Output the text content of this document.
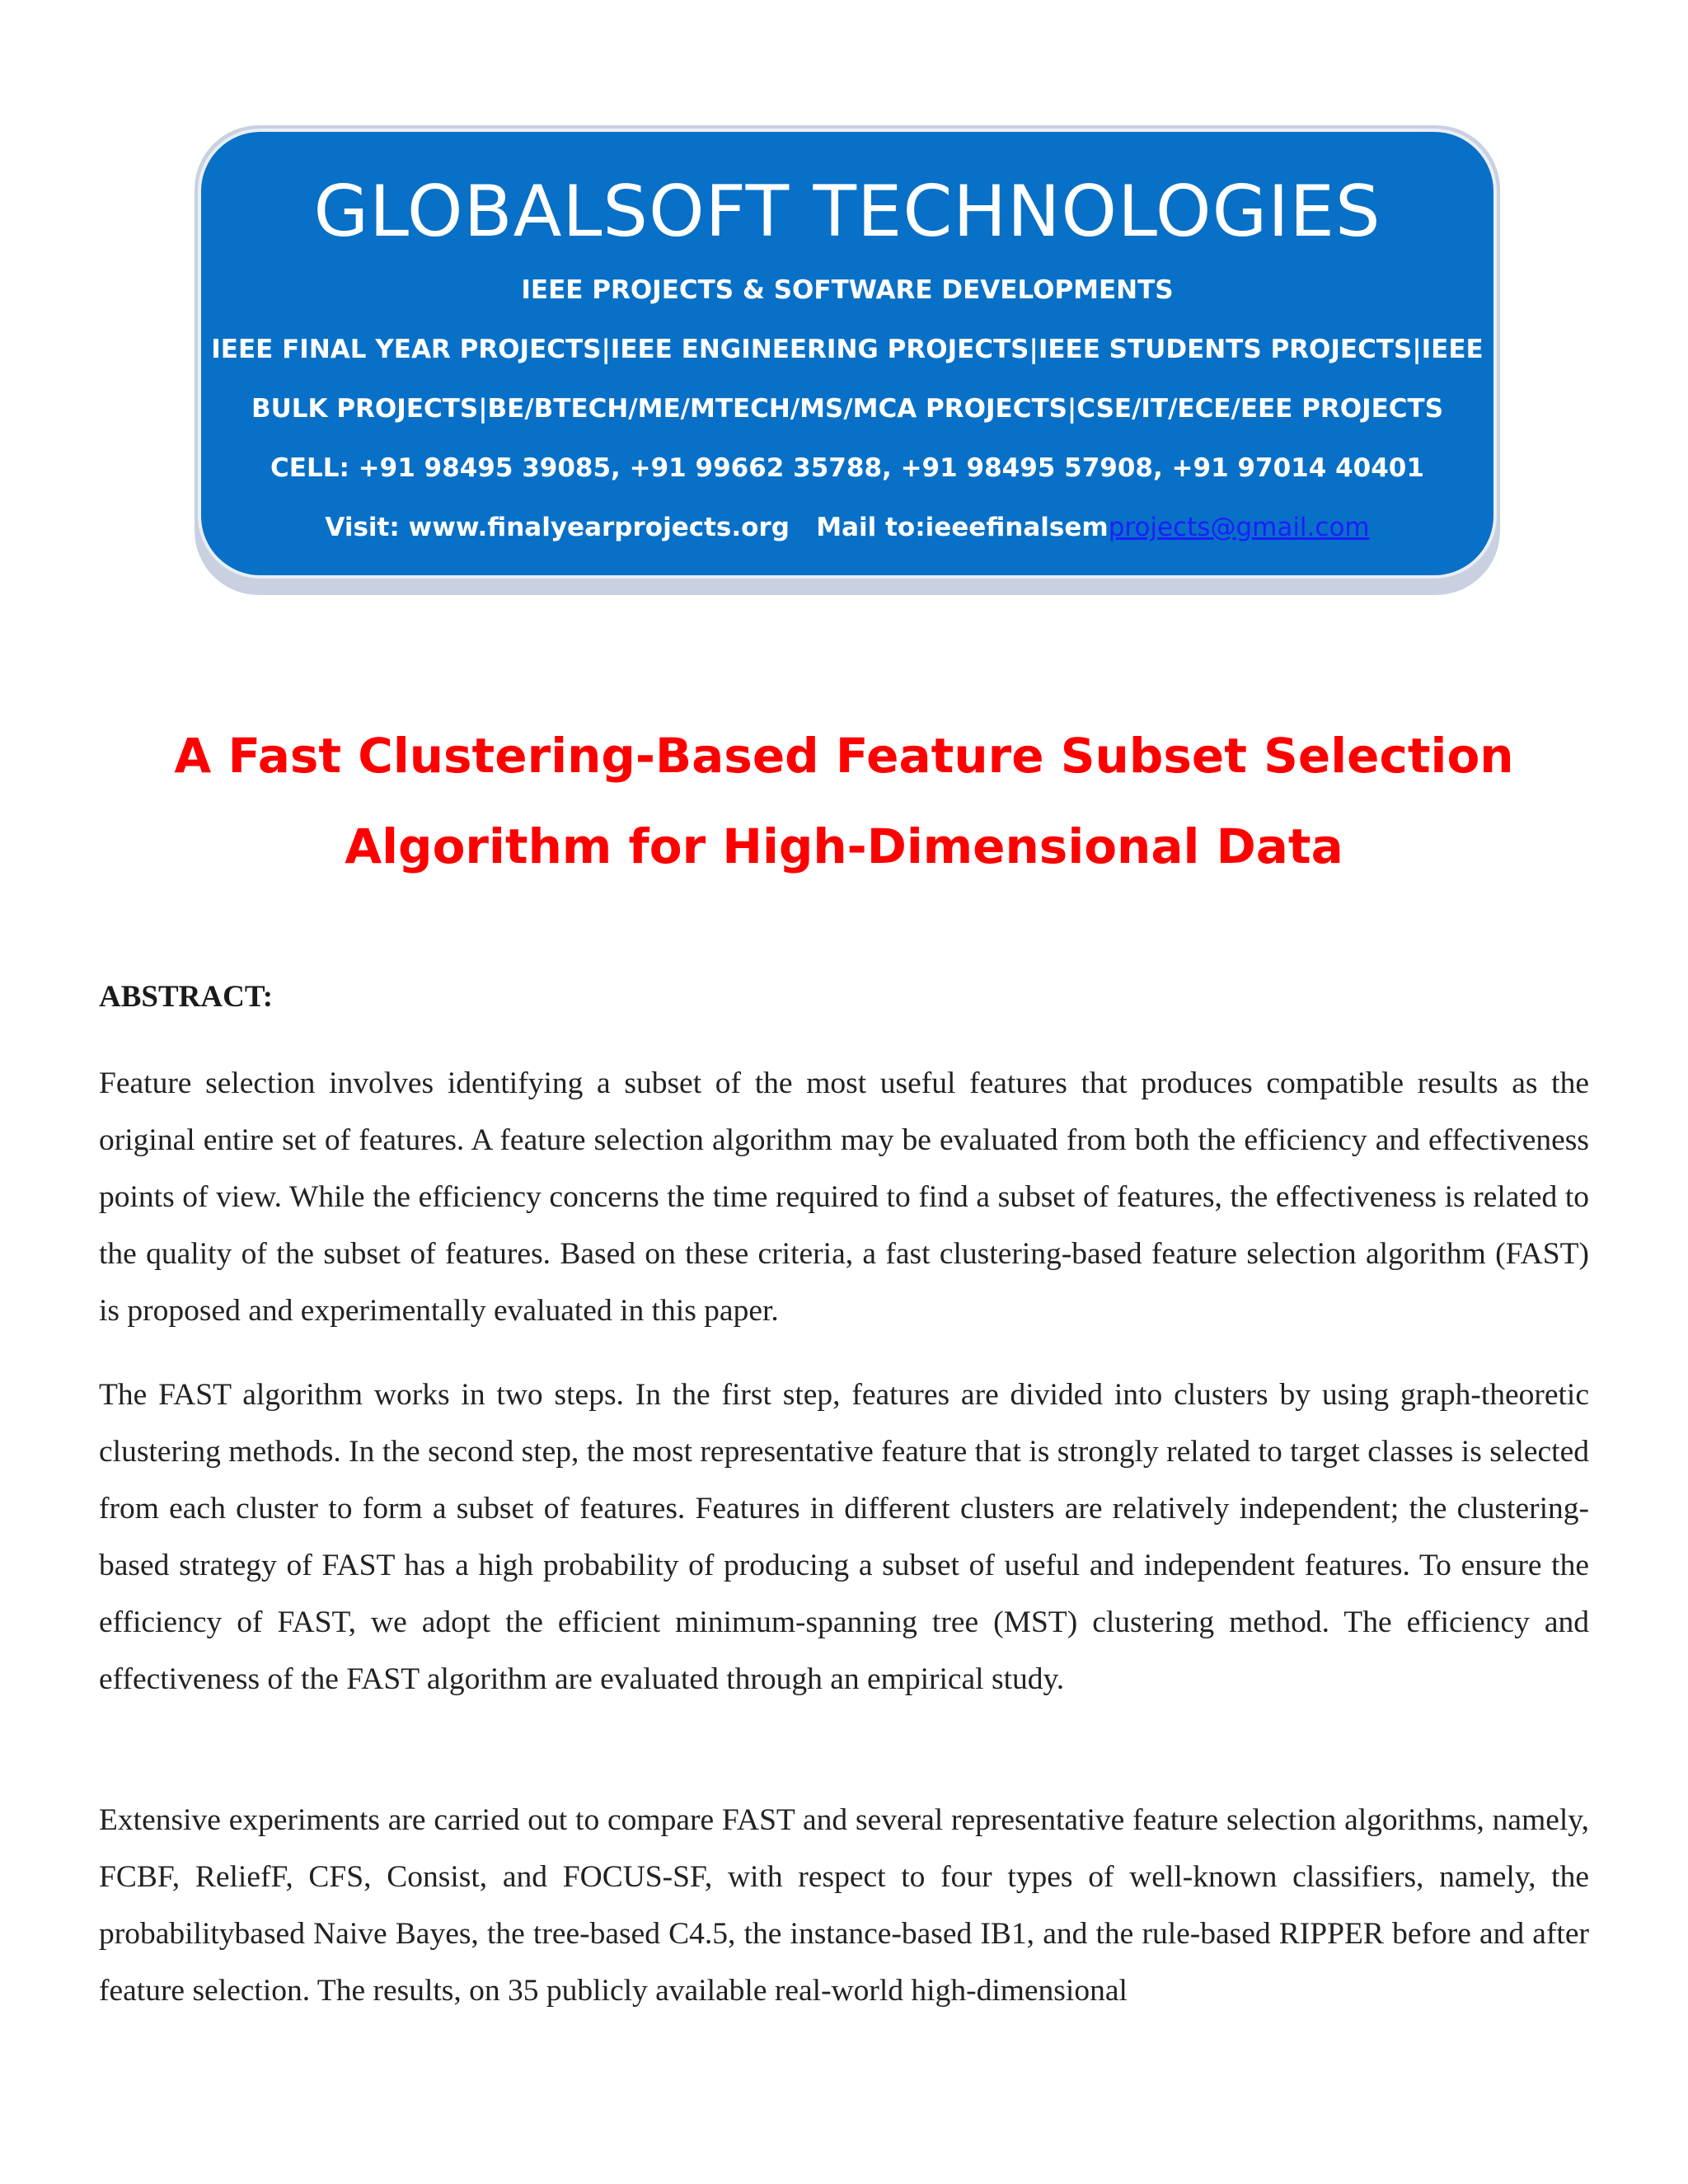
GLOBALSOFT TECHNOLOGIES
IEEE PROJECTS & SOFTWARE DEVELOPMENTS
IEEE FINAL YEAR PROJECTS|IEEE ENGINEERING PROJECTS|IEEE STUDENTS PROJECTS|IEEE
BULK PROJECTS|BE/BTECH/ME/MTECH/MS/MCA PROJECTS|CSE/IT/ECE/EEE PROJECTS
CELL: +91 98495 39085, +91 99662 35788, +91 98495 57908, +91 97014 40401
Visit: www.finalyearprojects.org   Mail to:ieeefinalsemprojects@gmail.com
A Fast Clustering-Based Feature Subset Selection
Algorithm for High-Dimensional Data
ABSTRACT:

Feature selection involves identifying a subset of the most useful features that produces compatible results as the original entire set of features. A feature selection algorithm may be evaluated from both the efficiency and effectiveness points of view. While the efficiency concerns the time required to find a subset of features, the effectiveness is related to the quality of the subset of features. Based on these criteria, a fast clustering-based feature selection algorithm (FAST) is proposed and experimentally evaluated in this paper.

The FAST algorithm works in two steps. In the first step, features are divided into clusters by using graph-theoretic clustering methods. In the second step, the most representative feature that is strongly related to target classes is selected from each cluster to form a subset of features. Features in different clusters are relatively independent; the clustering-based strategy of FAST has a high probability of producing a subset of useful and independent features. To ensure the efficiency of FAST, we adopt the efficient minimum-spanning tree (MST) clustering method. The efficiency and effectiveness of the FAST algorithm are evaluated through an empirical study.

Extensive experiments are carried out to compare FAST and several representative feature selection algorithms, namely, FCBF, ReliefF, CFS, Consist, and FOCUS-SF, with respect to four types of well-known classifiers, namely, the probabilitybased Naive Bayes, the tree-based C4.5, the instance-based IB1, and the rule-based RIPPER before and after feature selection. The results, on 35 publicly available real-world high-dimensional
